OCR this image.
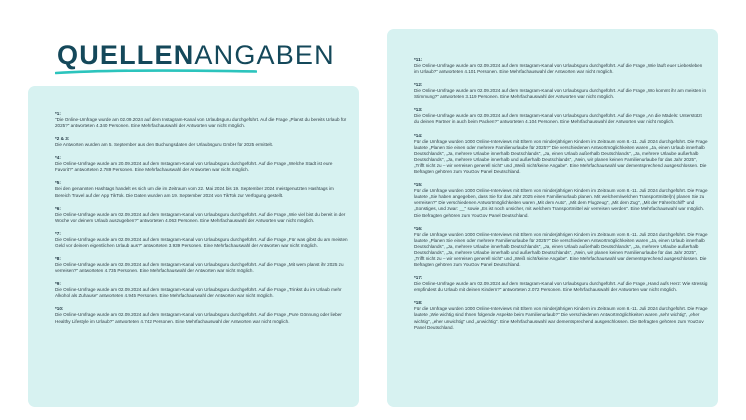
QUELLENANGABEN
*1:
"Die Online-Umfrage wurde am 02.09.2024 auf dem Instagram-Kanal von Urlaubsguru durchgeführt. Auf die Frage „Planst du bereits Urlaub für 2025?" antworteten 4.340 Personen. Eine Mehrfachauswahl der Antworten war nicht möglich.
*2 & 3:
Die Antworten wurden am 5. September aus den Buchungsdaten der Urlaubsguru GmbH für 2025 ermittelt.
*4:
Die Online-Umfrage wurde am 20.09.2024 auf dem Instagram-Kanal von Urlaubsguru durchgeführt. Auf die Frage „Welche Stadt ist eure Favorit?" antworteten 2.789 Personen. Eine Mehrfachauswahl der Antworten war nicht möglich.
*5:
Bei den genannten Hashtags handelt es sich um die im Zeitraum vom 22. Mai 2024 bis 19. September 2024 meistgenutzten Hashtags im Bereich Travel auf der App TikTok. Die Daten wurden am 19. September 2024 von TikTok zur Verfügung gestellt.
*6:
Die Online-Umfrage wurde am 02.09.2024 auf dem Instagram-Kanal von Urlaubsguru durchgeführt. Auf die Frage „Wie viel bist du bereit in der Woche vor deinem Urlaub auszugeben?" antworteten 4.063 Personen. Eine Mehrfachauswahl der Antworten war nicht möglich.
*7:
Die Online-Umfrage wurde am 02.09.2024 auf dem Instagram-Kanal von Urlaubsguru durchgeführt. Auf die Frage „Für was gibst du am meisten Geld vor deinem eigentlichen Urlaub aus?" antworteten 3.939 Personen. Eine Mehrfachauswahl der Antworten war nicht möglich.
*8:
Die Online-Umfrage wurde am 02.09.2024 auf dem Instagram-Kanal von Urlaubsguru durchgeführt. Auf die Frage „Mit wem planst ihr 2025 zu verreisen?" antworteten 4.735 Personen. Eine Mehrfachauswahl der Antworten war nicht möglich.
*9:
Die Online-Umfrage wurde am 02.09.2024 auf dem Instagram-Kanal von Urlaubsguru durchgeführt. Auf die Frage „Trinkst du im Urlaub mehr Alkohol als Zuhause" antworteten 4.945 Personen. Eine Mehrfachauswahl der Antworten war nicht möglich.
*10:
Die Online-Umfrage wurde am 02.09.2024 auf dem Instagram-Kanal von Urlaubsguru durchgeführt. Auf die Frage „Pure Gönnung oder lieber Healthy Lifestyle im Urlaub?" antworteten 4.742 Personen. Eine Mehrfachauswahl der Antworten war nicht möglich.
*11:
Die Online-Umfrage wurde am 02.09.2024 auf dem Instagram-Kanal von Urlaubsguru durchgeführt. Auf die Frage „Wie läuft euer Liebesleben im Urlaub?" antworteten 4.101 Personen. Eine Mehrfachauswahl der Antworten war nicht möglich.
*12:
Die Online-Umfrage wurde am 02.09.2024 auf dem Instagram-Kanal von Urlaubsguru durchgeführt. Auf die Frage „Wo kommt ihr am meisten in Stimmung?" antworteten 3.119 Personen. Eine Mehrfachauswahl der Antworten war nicht möglich.
*13:
Die Online-Umfrage wurde am 02.09.2024 auf dem Instagram-Kanal von Urlaubsguru durchgeführt. Auf die Frage „An die Mädels: Unterstützt du deinen Partner in auch beim Packen?" antworteten 4.104 Personen. Eine Mehrfachauswahl der Antworten war nicht möglich.
*14:
Für die Umfrage wurden 1000 Online-Interviews mit Eltern von minderjährigen Kindern im Zeitraum vom 8.-11. Juli 2024 durchgeführt. Die Frage lautete „Planen Sie einen oder mehrere Familienurlaube für 2025?" Die verschiedenen Antwortmöglichkeiten waren „Ja, einen Urlaub innerhalb Deutschlands", „Ja, mehrere Urlaube innerhalb Deutschlands", „Ja, einen Urlaub außerhalb Deutschlands", „Ja, mehrere Urlaube außerhalb Deutschlands", „Ja, mehrere Urlaube innerhalb und außerhalb Deutschlands", „Nein, wir planen keinen Familienurlaube für das Jahr 2025", „Trifft nicht zu – wir verreisen generell nicht" und „Weiß nicht/keine Angabe". Eine Mehrfachauswahl war dementsprechend ausgeschlossen. Die Befragten gehören zum YouGov Panel Deutschland.
*15:
Für die Umfrage wurden 1000 Online-Interviews mit Eltern von minderjährigen Kindern im Zeitraum vom 8.-11. Juli 2024 durchgeführt. Die Frage lautete „Sie haben angegeben, dass Sie für das Jahr 2025 einen Familienurlaub planen. Mit welchem/welchen Transportmittel(n) planen Sie zu verreisen?" Die verschiedenen Antwortmöglichkeiten waren „Mit dem Auto", „Mit dem Flugzeug", „Mit dem Zug", „Mit der Fähre/Schiff" und „Sonstiges, und zwar: __" sowie „Es ist noch unsicher, mit welchem Transportmittel wir verreisen werden". Eine Mehrfachauswahl war möglich. Die Befragten gehören zum YouGov Panel Deutschland.
*16:
Für die Umfrage wurden 1000 Online-Interviews mit Eltern von minderjährigen Kindern im Zeitraum vom 8.-11. Juli 2024 durchgeführt. Die Frage lautete „Planen Sie einen oder mehrere Familienurlaube für 2025?" Die verschiedenen Antwortmöglichkeiten waren „Ja, einen Urlaub innerhalb Deutschlands", „Ja, mehrere Urlaube innerhalb Deutschlands", „Ja, einen Urlaub außerhalb Deutschlands", „Ja, mehrere Urlaube außerhalb Deutschlands", „Ja, mehrere Urlaube innerhalb und außerhalb Deutschlands", „Nein, wir planen keinen Familienurlaube für das Jahr 2025", „Trifft nicht zu – wir verreisen generell nicht" und „Weiß nicht/keine Angabe". Eine Mehrfachauswahl war dementsprechend ausgeschlossen. Die Befragten gehören zum YouGov Panel Deutschland.
*17:
Die Online-Umfrage wurde am 02.09.2024 auf dem Instagram-Kanal von Urlaubsguru durchgeführt. Auf die Frage „Hand aufs Herz: Wie stressig empfindest du Urlaub mit deinen Kindern?" antworteten 2.072 Personen. Eine Mehrfachauswahl der Antworten war nicht möglich.
*18:
Für die Umfrage wurden 1000 Online-Interviews mit Eltern von minderjährigen Kindern im Zeitraum vom 8.-11. Juli 2024 durchgeführt. Die Frage lautete „Wie wichtig sind Ihnen folgende Aspekte beim Familienurlaub?" Die verschiedenen Antwortmöglichkeiten waren „sehr wichtig", „eher wichtig", „eher unwichtig" und „unwichtig". Eine Mehrfachauswahl war dementsprechend ausgeschlossen. Die Befragten gehören zum YouGov Panel Deutschland.
